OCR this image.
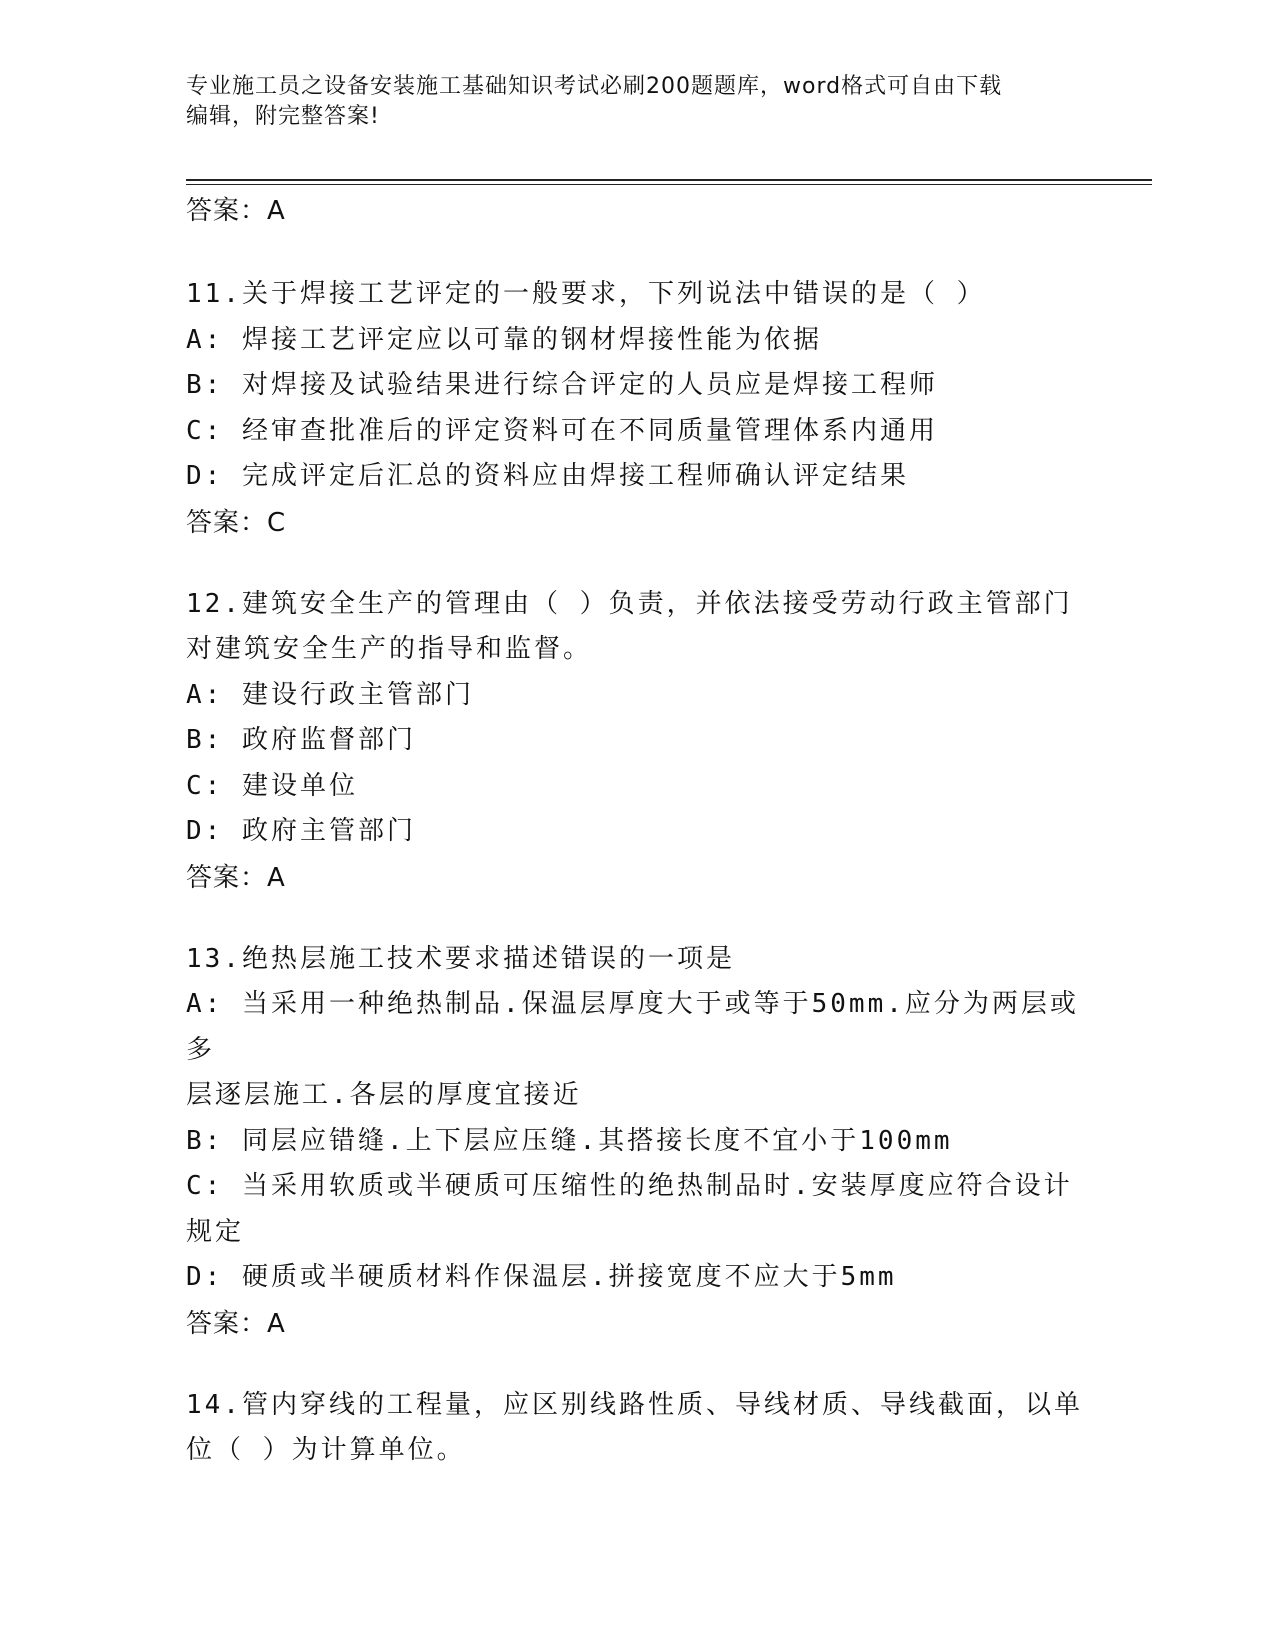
专业施工员之设备安装施工基础知识考试必刷200题题库，word格式可自由下载
编辑，附完整答案!
答案：A
11.关于焊接工艺评定的一般要求，下列说法中错误的是（ ）
A: 焊接工艺评定应以可靠的钢材焊接性能为依据
B: 对焊接及试验结果进行综合评定的人员应是焊接工程师
C: 经审查批准后的评定资料可在不同质量管理体系内通用
D: 完成评定后汇总的资料应由焊接工程师确认评定结果
答案：C
12.建筑安全生产的管理由（ ）负责，并依法接受劳动行政主管部门
对建筑安全生产的指导和监督。
A: 建设行政主管部门
B: 政府监督部门
C: 建设单位
D: 政府主管部门
答案：A
13.绝热层施工技术要求描述错误的一项是
A: 当采用一种绝热制品.保温层厚度大于或等于50mm.应分为两层或多
层逐层施工.各层的厚度宜接近
B: 同层应错缝.上下层应压缝.其搭接长度不宜小于100mm
C: 当采用软质或半硬质可压缩性的绝热制品时.安装厚度应符合设计
规定
D: 硬质或半硬质材料作保温层.拼接宽度不应大于5mm
答案：A
14.管内穿线的工程量，应区别线路性质、导线材质、导线截面，以单
位（ ）为计算单位。
